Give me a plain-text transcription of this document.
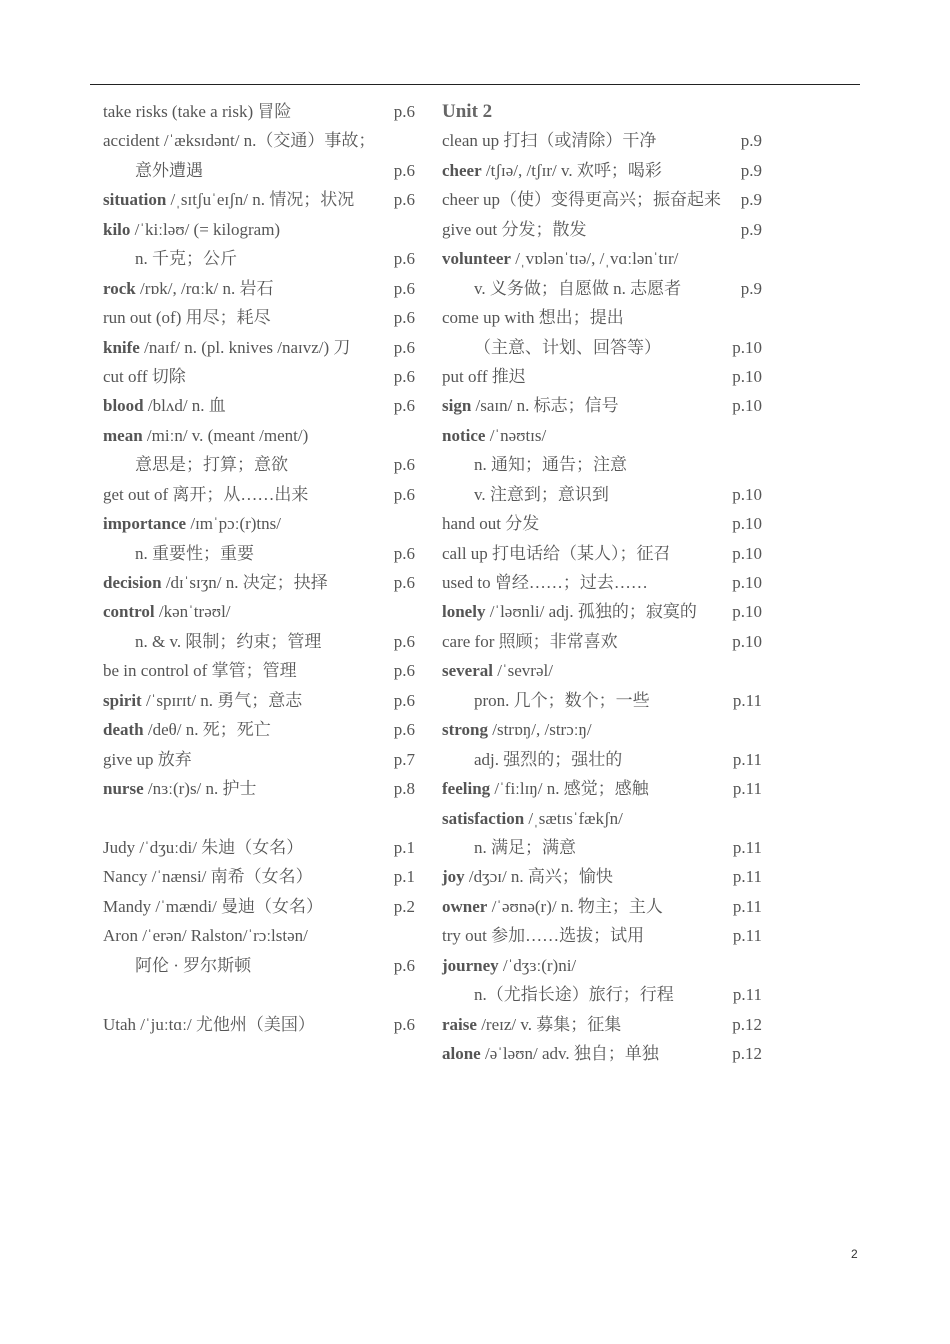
take risks (take a risk) 冒险	p.6
accident /ˈæksɪdənt/ n.（交通）事故；
意外遭遇	p.6
situation /ˌsɪtʃuˈeɪʃn/ n. 情况；状况 p.6
kilo /ˈkiːləʊ/ (= kilogram)
n. 千克；公斤	p.6
rock /rɒk/, /rɑːk/ n. 岩石	p.6
run out (of) 用尽；耗尽	p.6
knife /naɪf/ n. (pl. knives /naɪvz/) 刀	p.6
cut off 切除	p.6
blood /blʌd/ n. 血	p.6
mean /miːn/ v. (meant /ment/)
意思是；打算；意欲	p.6
get out of 离开；从……出来	p.6
importance /ɪmˈpɔː(r)tns/
n. 重要性；重要	p.6
decision /dɪˈsɪʒn/ n. 决定；抉择	p.6
control /kənˈtrəʊl/
n. & v. 限制；约束；管理	p.6
be in control of 掌管；管理	p.6
spirit /ˈspɪrɪt/ n. 勇气；意志	p.6
death /deθ/ n. 死；死亡	p.6
give up 放弃	p.7
nurse /nɜː(r)s/ n. 护士	p.8
Judy /ˈdʒuːdi/ 朱迪（女名）	p.1
Nancy /ˈnænsi/ 南希（女名）	p.1
Mandy /ˈmændi/ 曼迪（女名）	p.2
Aron /ˈerən/ Ralston/ˈrɔːlstən/
阿伦 · 罗尔斯顿	p.6
Utah /ˈjuːtɑː/ 尤他州（美国）	p.6
Unit 2
clean up 打扫（或清除）干净	p.9
cheer /tʃɪə/, /tʃɪr/ v. 欢呼；喝彩	p.9
cheer up（使）变得更高兴；振奋起来 p.9
give out 分发；散发	p.9
volunteer /ˌvɒlənˈtɪə/, /ˌvɑːlənˈtɪr/
v. 义务做；自愿做 n. 志愿者	p.9
come up with 想出；提出
（主意、计划、回答等）	p.10
put off 推迟	p.10
sign /saɪn/ n. 标志；信号	p.10
notice /ˈnəʊtɪs/
n. 通知；通告；注意
v. 注意到；意识到	p.10
hand out 分发	p.10
call up 打电话给（某人）；征召	p.10
used to 曾经……；过去……	p.10
lonely /ˈləʊnli/ adj. 孤独的；寂寞的 p.10
care for 照顾；非常喜欢	p.10
several /ˈsevrəl/
pron. 几个；数个；一些	p.11
strong /strɒŋ/, /strɔːŋ/
adj. 强烈的；强壮的	p.11
feeling /ˈfiːlɪŋ/ n. 感觉；感触	p.11
satisfaction /ˌsætɪsˈfækʃn/
n. 满足；满意	p.11
joy /dʒɔɪ/ n. 高兴；愉快	p.11
owner /ˈəʊnə(r)/ n. 物主；主人	p.11
try out 参加……选拔；试用	p.11
journey /ˈdʒɜː(r)ni/
n.（尤指长途）旅行；行程	p.11
raise /reɪz/ v. 募集；征集	p.12
alone /əˈləʊn/ adv. 独自；单独	p.12
2
